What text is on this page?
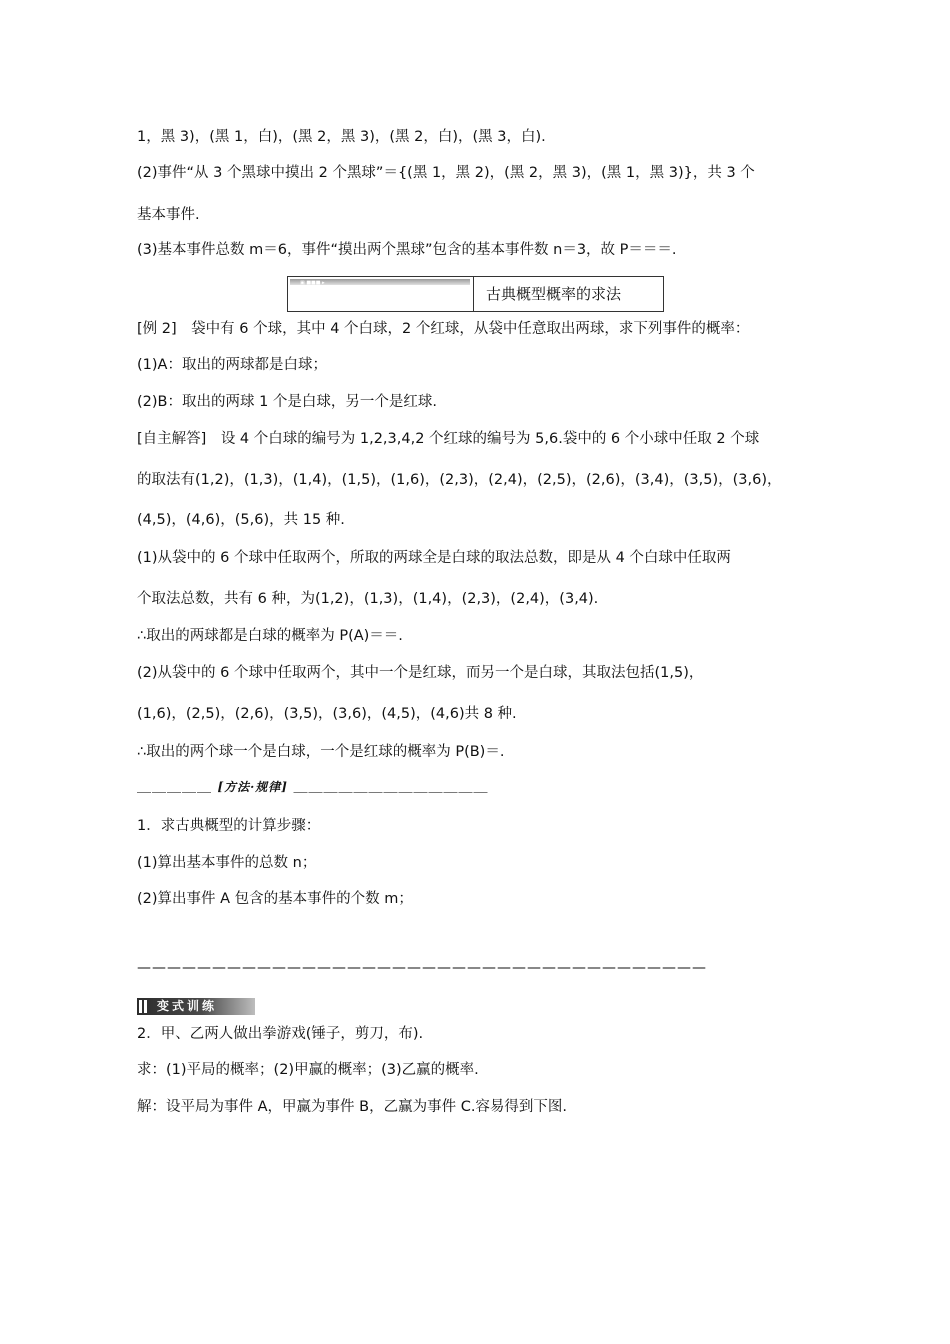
1，黑 3)，(黑 1，白)，(黑 2，黑 3)，(黑 2，白)，(黑 3，白).
(2)事件“从 3 个黑球中摸出 2 个黑球”＝{(黑 1，黑 2)，(黑 2，黑 3)，(黑 1，黑 3)}，共 3 个
基本事件.
(3)基本事件总数 m＝6，事件“摸出两个黑球”包含的基本事件数 n＝3，故 P＝＝＝.
▣ ■■■ ▸
古典概型概率的求法
[例 2]　袋中有 6 个球，其中 4 个白球，2 个红球，从袋中任意取出两球，求下列事件的概率：
(1)A：取出的两球都是白球；
(2)B：取出的两球 1 个是白球，另一个是红球.
[自主解答]　设 4 个白球的编号为 1,2,3,4,2 个红球的编号为 5,6.袋中的 6 个小球中任取 2 个球
的取法有(1,2)，(1,3)，(1,4)，(1,5)，(1,6)，(2,3)，(2,4)，(2,5)，(2,6)，(3,4)，(3,5)，(3,6)，
(4,5)，(4,6)，(5,6)，共 15 种.
(1)从袋中的 6 个球中任取两个，所取的两球全是白球的取法总数，即是从 4 个白球中任取两
个取法总数，共有 6 种，为(1,2)，(1,3)，(1,4)，(2,3)，(2,4)，(3,4).
∴取出的两球都是白球的概率为 P(A)＝＝.
(2)从袋中的 6 个球中任取两个，其中一个是红球，而另一个是白球，其取法包括(1,5)，
(1,6)，(2,5)，(2,6)，(3,5)，(3,6)，(4,5)，(4,6)共 8 种.
∴取出的两个球一个是白球，一个是红球的概率为 P(B)＝.
＿＿＿＿＿ [方法·规律] ＿＿＿＿＿＿＿＿＿＿＿＿＿
1．求古典概型的计算步骤：
(1)算出基本事件的总数 n；
(2)算出事件 A 包含的基本事件的个数 m；
——————————————————————————————————————
变式训练
2．甲、乙两人做出拳游戏(锤子，剪刀，布).
求：(1)平局的概率；(2)甲赢的概率；(3)乙赢的概率.
解：设平局为事件 A，甲赢为事件 B，乙赢为事件 C.容易得到下图.
